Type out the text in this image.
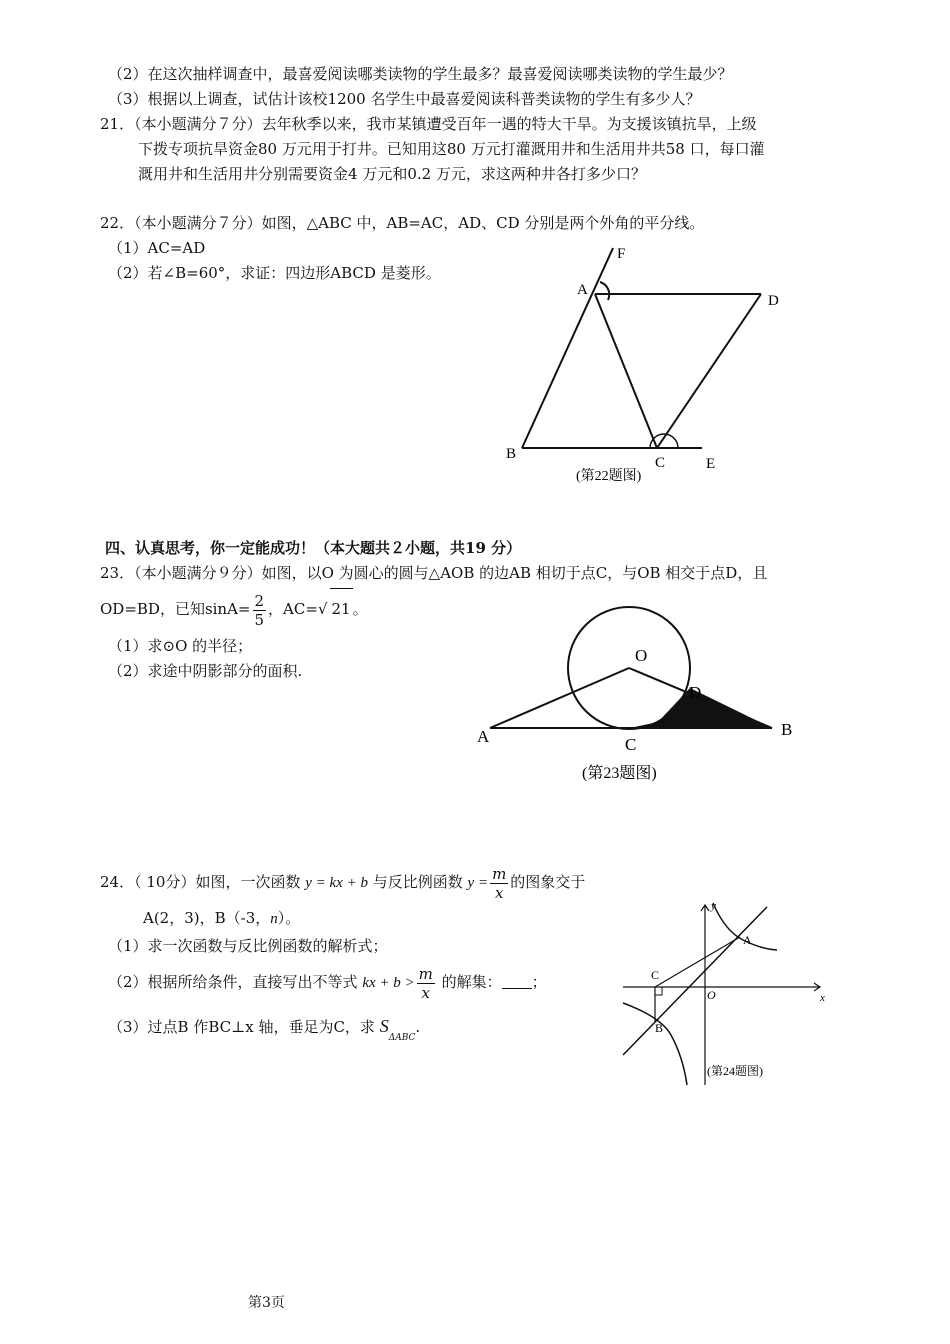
（2）在这次抽样调查中，最喜爱阅读哪类读物的学生最多？最喜爱阅读哪类读物的学生最少？
（3）根据以上调查，试估计该校1200 名学生中最喜爱阅读科普类读物的学生有多少人？
21．（本小题满分７分）去年秋季以来，我市某镇遭受百年一遇的特大干旱。为支援该镇抗旱，上级
下拨专项抗旱资金80 万元用于打井。已知用这80 万元打灌溉用井和生活用井共58 口，每口灌
溉用井和生活用井分别需要资金4 万元和0.2 万元，求这两种井各打多少口？
22．（本小题满分７分）如图，△ABC 中，AB=AC，AD、CD 分别是两个外角的平分线。
（1）AC=AD
（2）若∠B=60°，求证：四边形ABCD 是菱形。
A
B
C
D
E
F
(第22题图)
四、认真思考，你一定能成功！（本大题共２小题，共19 分）
23．（本小题满分９分）如图，以O 为圆心的圆与△AOB 的边AB 相切于点C，与OB 相交于点D，且
OD=BD，已知$\sin A= \frac{2}{5}$ ，AC=√ 21 。
（1）求⊙O 的半径；
（2）求途中阴影部分的面积.
O
A	B
C
D
(第23题图)
24．（ 10分）如图，一次函数 y = kx + b 与反比例函数 $y = \frac{m}{x}$ 的图象交于
A(2，3)，B（-3，n）。
（1）求一次函数与反比例函数的解析式；
（2）根据所给条件，直接写出不等式 kx + $b > \frac{m}{x}$ 的解集： ；
（3）过点B 作BC⊥x 轴，垂足为C，求 $S_{\Delta ABC}$.
y
x
O
A
B
C
(第24题图)
第3页
